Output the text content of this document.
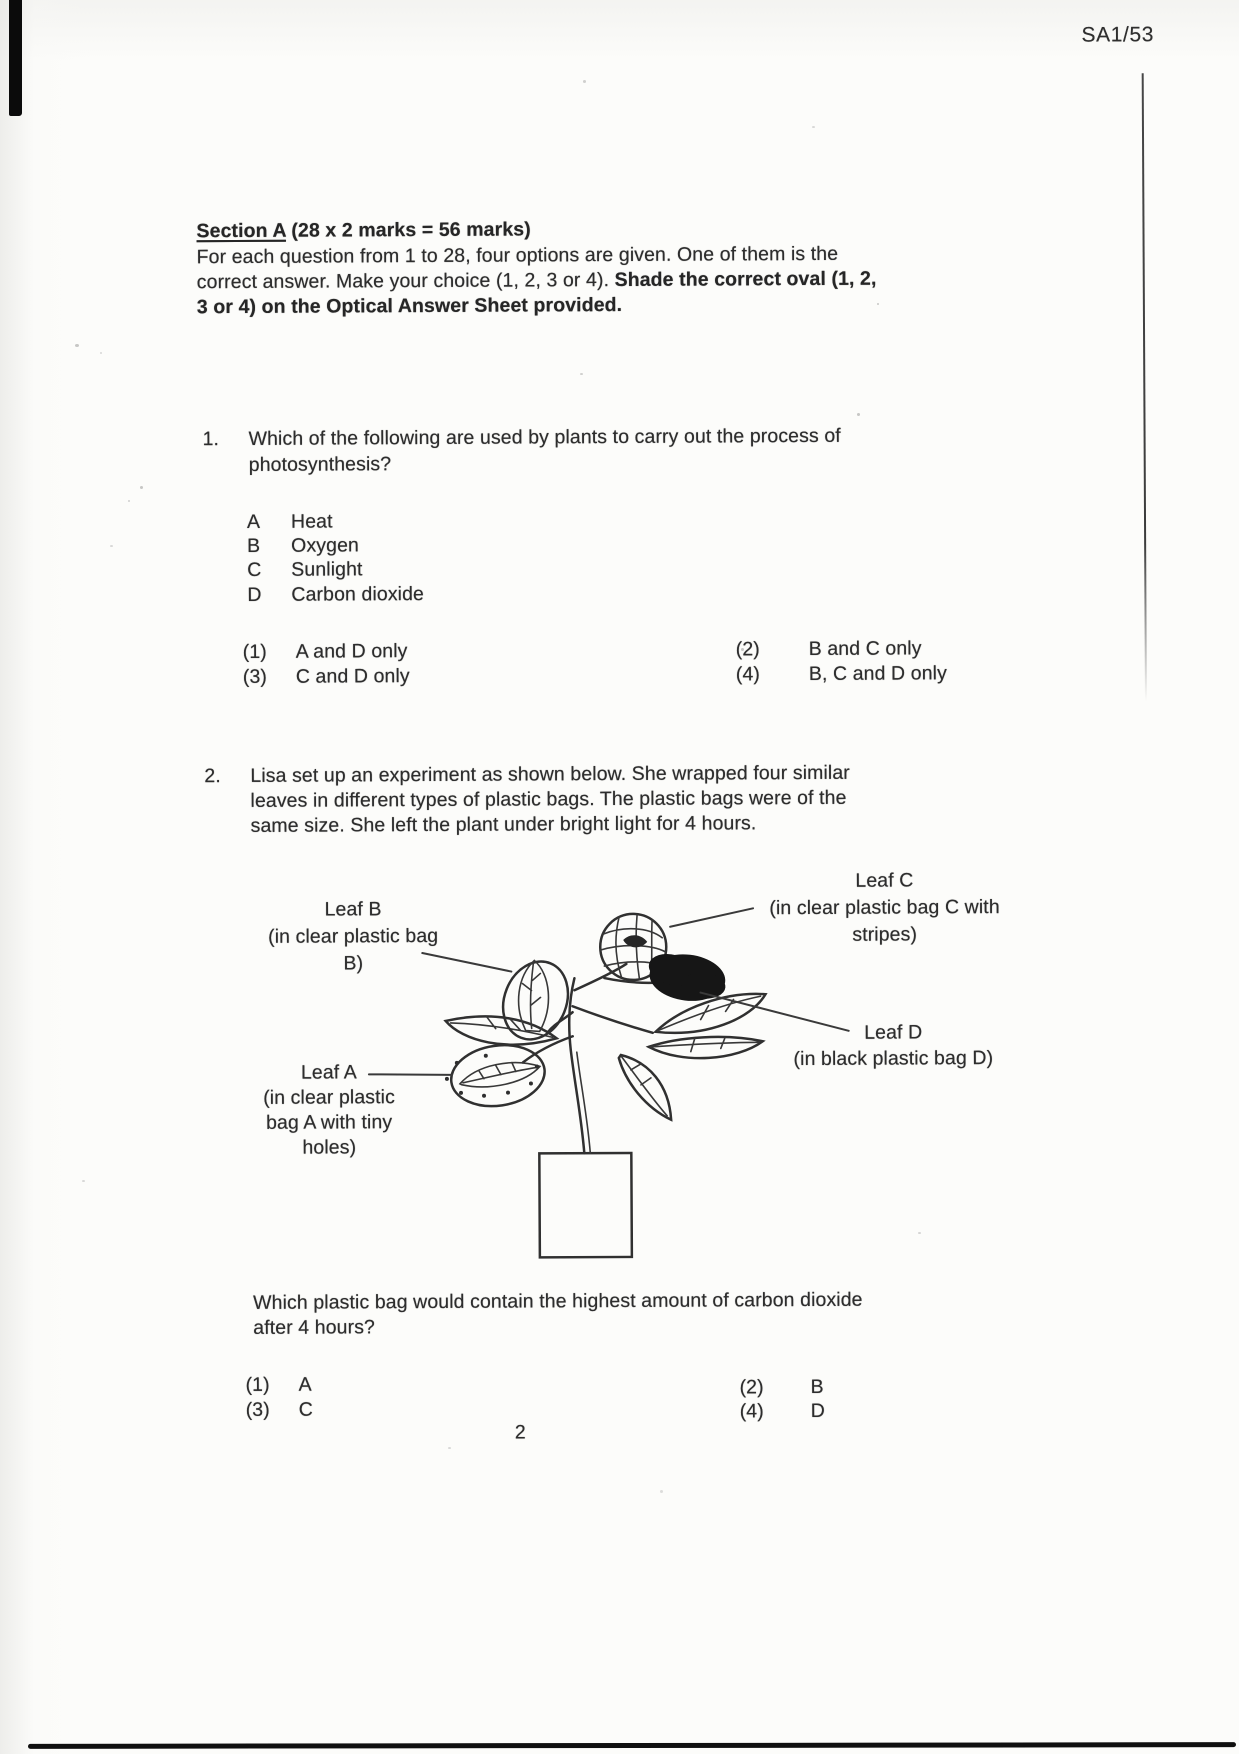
SA1/53
Section A (28 x 2 marks = 56 marks)
For each question from 1 to 28, four options are given. One of them is the
correct answer. Make your choice (1, 2, 3 or 4). Shade the correct oval (1, 2,
3 or 4) on the Optical Answer Sheet provided.
1. Which of the following are used by plants to carry out the process of
photosynthesis?
A Heat
B Oxygen
C Sunlight
D Carbon dioxide
(1) A and D only	(2) B and C only
(3) C and D only	(4) B, C and D only
2. Lisa set up an experiment as shown below. She wrapped four similar
leaves in different types of plastic bags. The plastic bags were of the
same size. She left the plant under bright light for 4 hours.
Leaf B
(in clear plastic bag
B)
Leaf C
(in clear plastic bag C with
stripes)
Leaf A
(in clear plastic
bag A with tiny
holes)
Leaf D
(in black plastic bag D)
Which plastic bag would contain the highest amount of carbon dioxide
after 4 hours?
(1) A	(2) B
(3) C	(4) D
2
